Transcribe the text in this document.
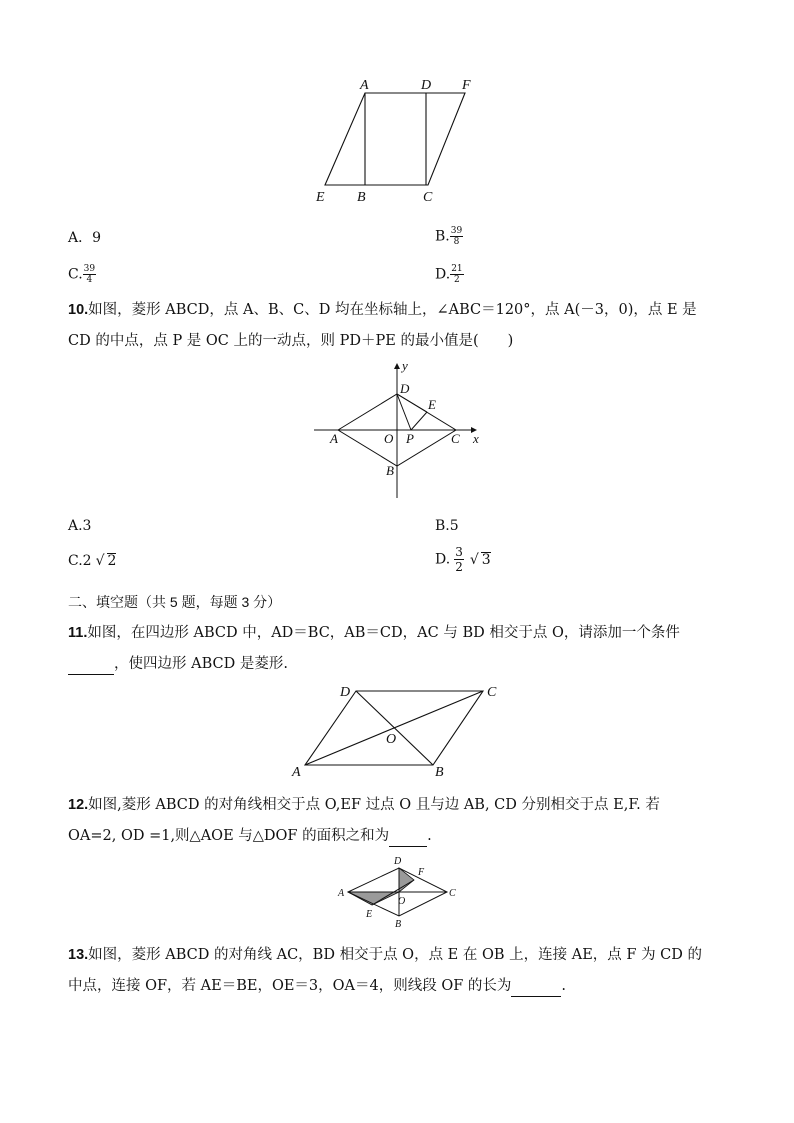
A	D F
E B	C
A．9	B. $\frac{39}{8}$
C. $\frac{39}{4}$	D. $\frac{21}{2}$
10.如图，菱形 ABCD，点 A、B、C、D 均在坐标轴上，∠ABC＝120°，点 A(－3，0)，点 E 是
CD 的中点，点 P 是 OC 上的一动点，则 PD＋PE 的最小值是(　　)
y
D
E
A	O P	C x
B
A.3	B.5
C.2 √ 2	D. $\frac{3}{2}$ √ 3
二、填空题（共 5 题，每题 3 分）
11.如图，在四边形 ABCD 中，AD＝BC，AB＝CD，AC 与 BD 相交于点 O，请添加一个条件
，使四边形 ABCD 是菱形.
D	C
O
A	B
12.如图,菱形 ABCD 的对角线相交于点 O,EF 过点 O 且与边 AB, CD 分别相交于点 E,F. 若
OA=2, OD =1,则△AOE 与△DOF 的面积之和为	.
D
F
A	C
O
E
B
13.如图，菱形 ABCD 的对角线 AC，BD 相交于点 O，点 E 在 OB 上，连接 AE，点 F 为 CD 的
中点，连接 OF，若 AE＝BE，OE＝3，OA＝4，则线段 OF 的长为	.
